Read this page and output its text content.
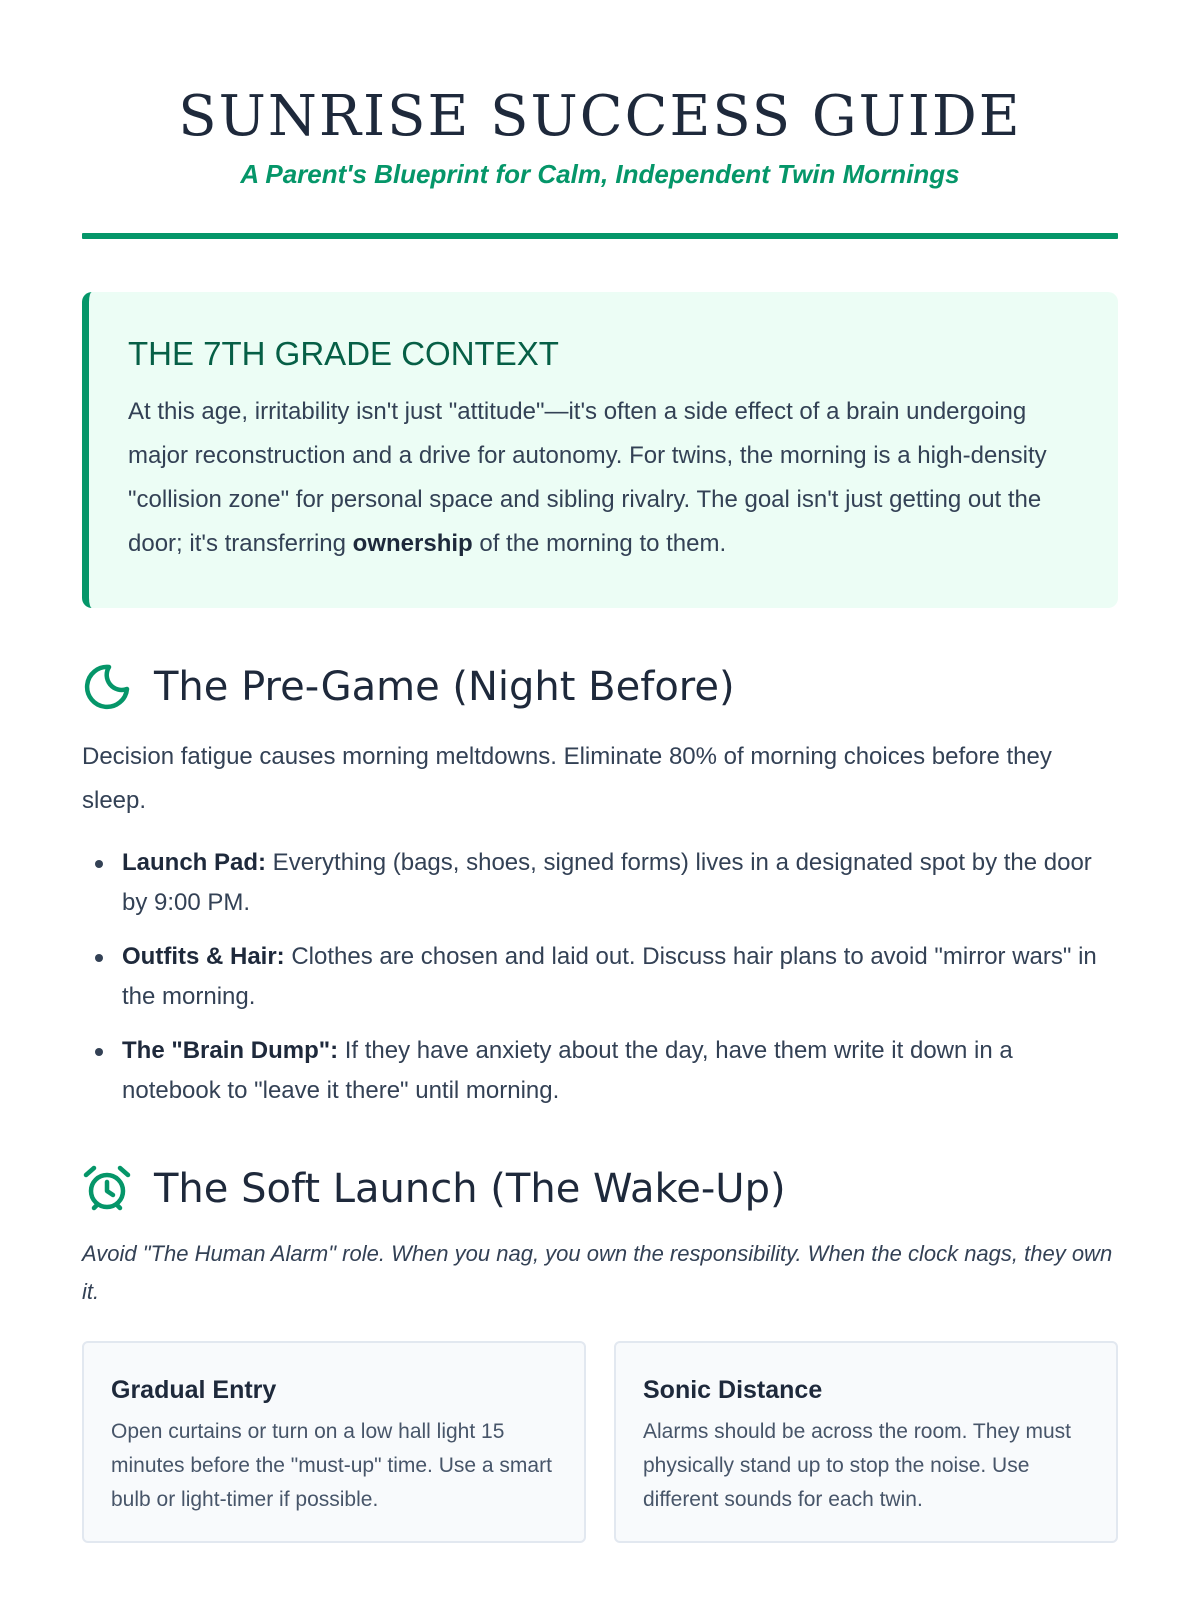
SUNRISE SUCCESS GUIDE
A Parent's Blueprint for Calm, Independent Twin Mornings
THE 7TH GRADE CONTEXT

At this age, irritability isn't just "attitude"—it's often a side effect of a brain undergoing major reconstruction and a drive for autonomy. For twins, the morning is a high-density "collision zone" for personal space and sibling rivalry. The goal isn't just getting out the door; it's transferring ownership of the morning to them.

The Pre-Game (Night Before)

Decision fatigue causes morning meltdowns. Eliminate 80% of morning choices before they sleep.

Launch Pad: Everything (bags, shoes, signed forms) lives in a designated spot by the door by 9:00 PM.
Outfits & Hair: Clothes are chosen and laid out. Discuss hair plans to avoid "mirror wars" in the morning.
The "Brain Dump": If they have anxiety about the day, have them write it down in a notebook to "leave it there" until morning.
The Soft Launch (The Wake-Up)

Avoid "The Human Alarm" role. When you nag, you own the responsibility. When the clock nags, they own it.

Gradual Entry

Open curtains or turn on a low hall light 15 minutes before the "must-up" time. Use a smart bulb or light-timer if possible.

Sonic Distance

Alarms should be across the room. They must physically stand up to stop the noise. Use different sounds for each twin.
